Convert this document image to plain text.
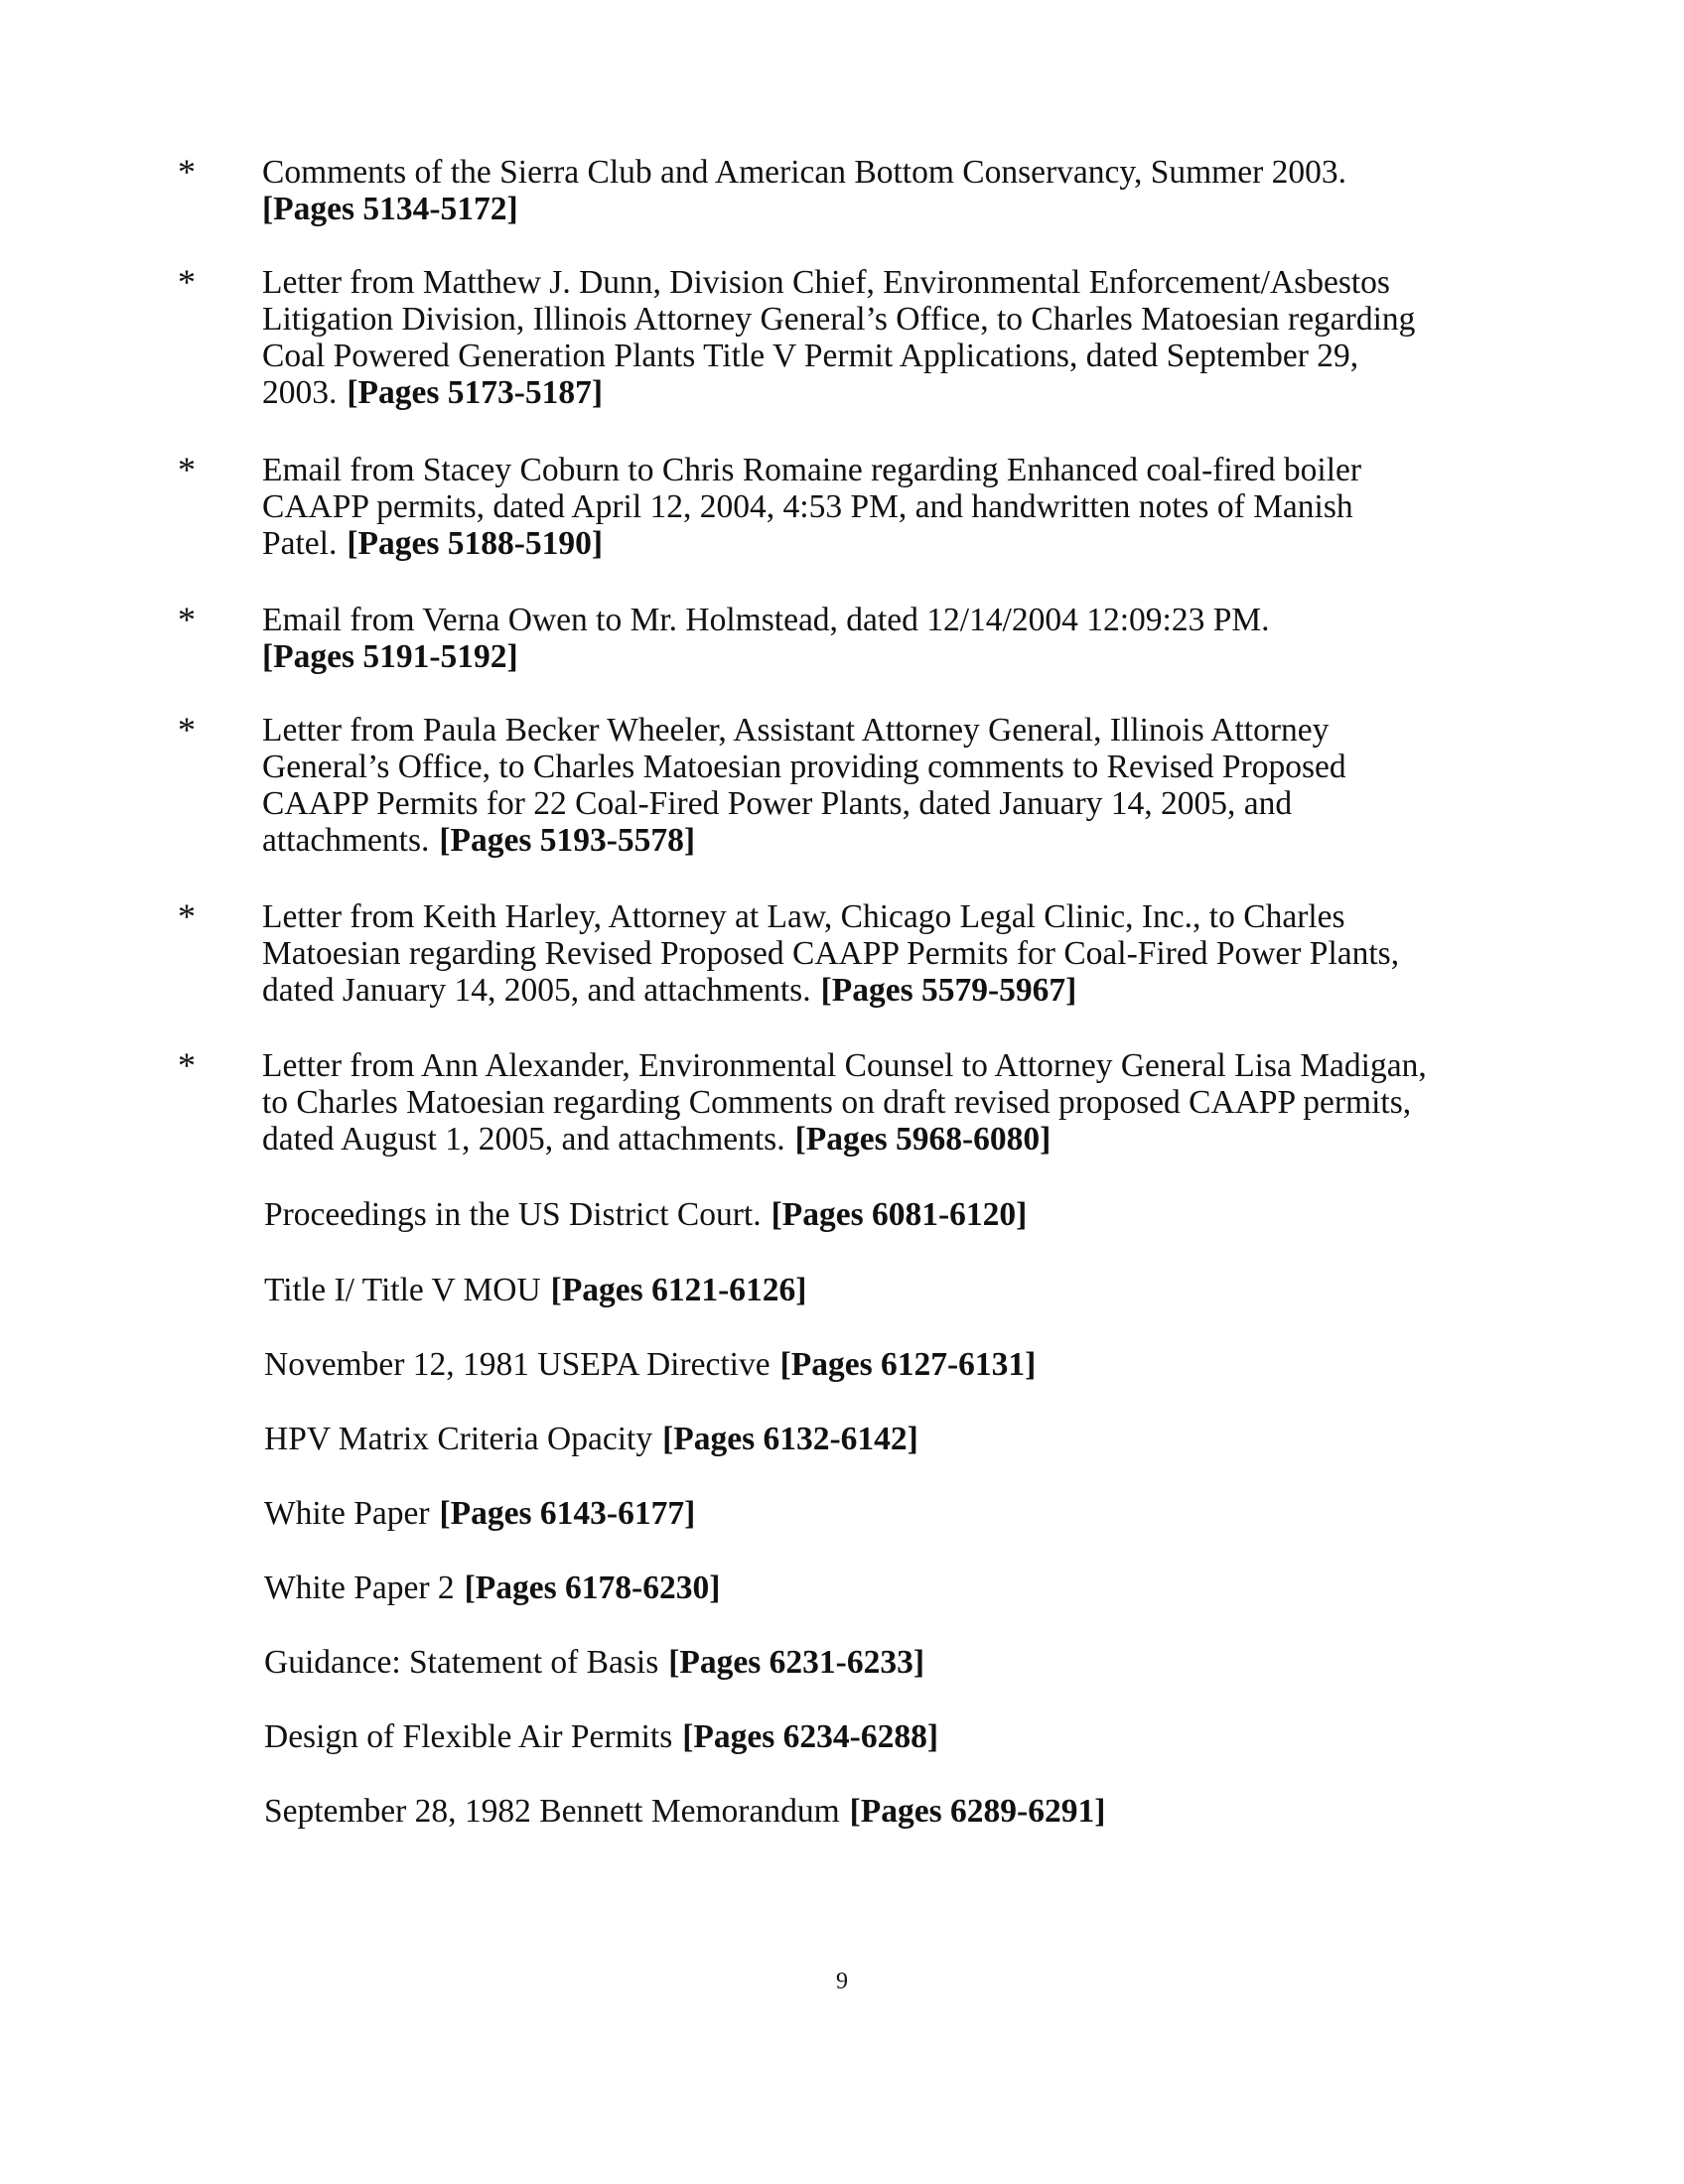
* Comments of the Sierra Club and American Bottom Conservancy, Summer 2003.
[Pages 5134-5172]
* Letter from Matthew J. Dunn, Division Chief, Environmental Enforcement/Asbestos Litigation Division, Illinois Attorney General’s Office, to Charles Matoesian regarding Coal Powered Generation Plants Title V Permit Applications, dated September 29, 2003. [Pages 5173-5187]
* Email from Stacey Coburn to Chris Romaine regarding Enhanced coal-fired boiler CAAPP permits, dated April 12, 2004, 4:53 PM, and handwritten notes of Manish Patel. [Pages 5188-5190]
* Email from Verna Owen to Mr. Holmstead, dated 12/14/2004 12:09:23 PM.
[Pages 5191-5192]
* Letter from Paula Becker Wheeler, Assistant Attorney General, Illinois Attorney General’s Office, to Charles Matoesian providing comments to Revised Proposed CAAPP Permits for 22 Coal-Fired Power Plants, dated January 14, 2005, and attachments. [Pages 5193-5578]
* Letter from Keith Harley, Attorney at Law, Chicago Legal Clinic, Inc., to Charles Matoesian regarding Revised Proposed CAAPP Permits for Coal-Fired Power Plants, dated January 14, 2005, and attachments. [Pages 5579-5967]
* Letter from Ann Alexander, Environmental Counsel to Attorney General Lisa Madigan, to Charles Matoesian regarding Comments on draft revised proposed CAAPP permits, dated August 1, 2005, and attachments. [Pages 5968-6080]
Proceedings in the US District Court. [Pages 6081-6120]
Title I/ Title V MOU [Pages 6121-6126]
November 12, 1981 USEPA Directive [Pages 6127-6131]
HPV Matrix Criteria Opacity [Pages 6132-6142]
White Paper [Pages 6143-6177]
White Paper 2 [Pages 6178-6230]
Guidance: Statement of Basis [Pages 6231-6233]
Design of Flexible Air Permits [Pages 6234-6288]
September 28, 1982 Bennett Memorandum [Pages 6289-6291]
9
